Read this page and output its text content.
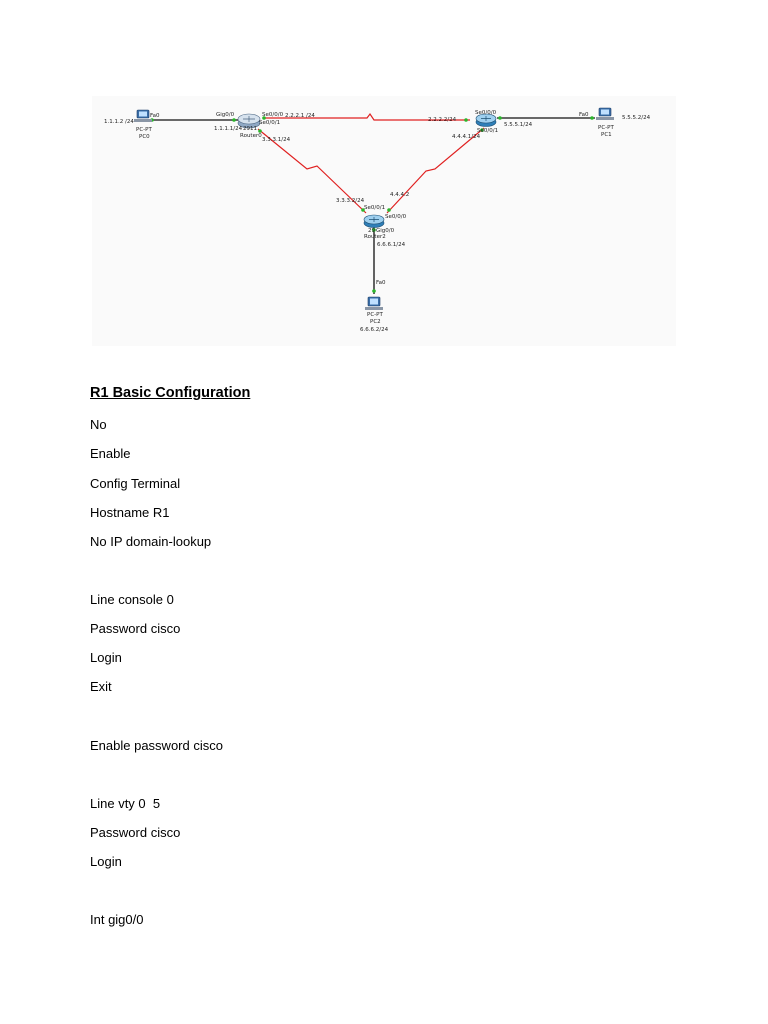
1.1.1.2 /24
PC-PT
PC0
Fa0	Gig0/0
1.1.1.1/24 2911
Router0
Se0/0/0 2.2.2.1 /24
Se0/0/1
3.3.3.1/24
2.2.2.2/24
Se0/0/0
Se0/0/1
5.5.5.1/24
4.4.4.1/24
Fa0	5.5.5.2/24
PC-PT
PC1
3.3.3.2/24
4.4.4.2
Se0/0/1
Se0/0/0
29 Gig0/0
Router2
6.6.6.1/24
Fa0
PC-PT
PC2
6.6.6.2/24
R1 Basic Configuration

No

Enable

Config Terminal

Hostname R1

No IP domain-lookup

Line console 0

Password cisco

Login

Exit

Enable password cisco

Line vty 0  5

Password cisco

Login

Int gig0/0
